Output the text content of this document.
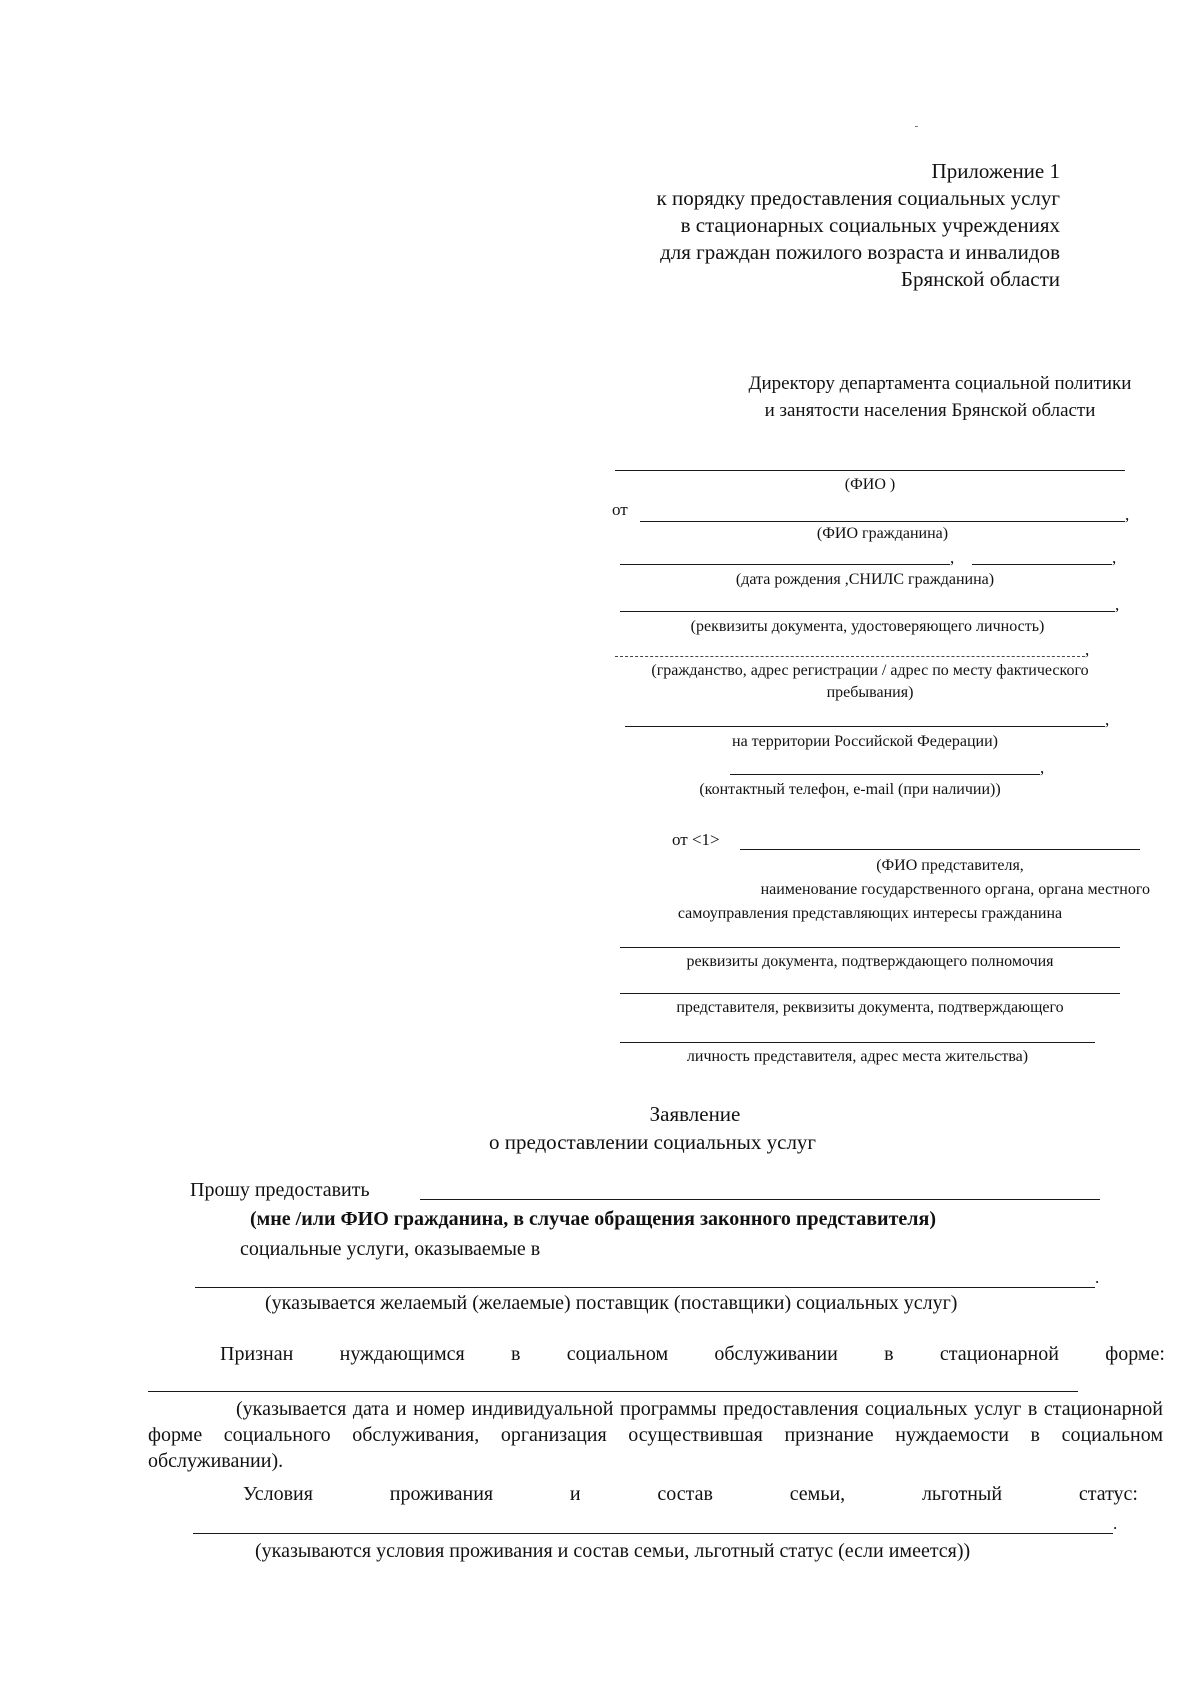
Приложение 1
к порядку предоставления социальных услуг
в стационарных социальных учреждениях
для граждан пожилого возраста и инвалидов
Брянской области
Директору департамента социальной политики
и занятости населения Брянской области
(ФИО )
от	,
(ФИО гражданина)
,	,
(дата рождения ,СНИЛС гражданина)
,
(реквизиты документа, удостоверяющего личность)
,
(гражданство, адрес регистрации / адрес по месту фактического
пребывания)
,
на территории Российской Федерации)
,
(контактный телефон, e-mail (при наличии))
от <1>
(ФИО представителя,
наименование государственного органа, органа местного
самоуправления представляющих интересы гражданина
реквизиты документа, подтверждающего полномочия
представителя, реквизиты документа, подтверждающего
личность представителя, адрес места жительства)
Заявление
о предоставлении социальных услуг
Прошу предоставить
(мне /или ФИО гражданина, в случае обращения законного представителя)
социальные услуги, оказываемые в
.
(указывается желаемый (желаемые) поставщик (поставщики) социальных услуг)
Признан нуждающимся в социальном обслуживании в стационарной форме:
(указывается дата и номер индивидуальной программы предоставления социальных услуг в стационарной форме социального обслуживания, организация осуществившая признание нуждаемости в социальном обслуживании).
Условия	проживания	и	состав	семьи,	льготный	статус:
.
(указываются условия проживания и состав семьи, льготный статус (если имеется))
